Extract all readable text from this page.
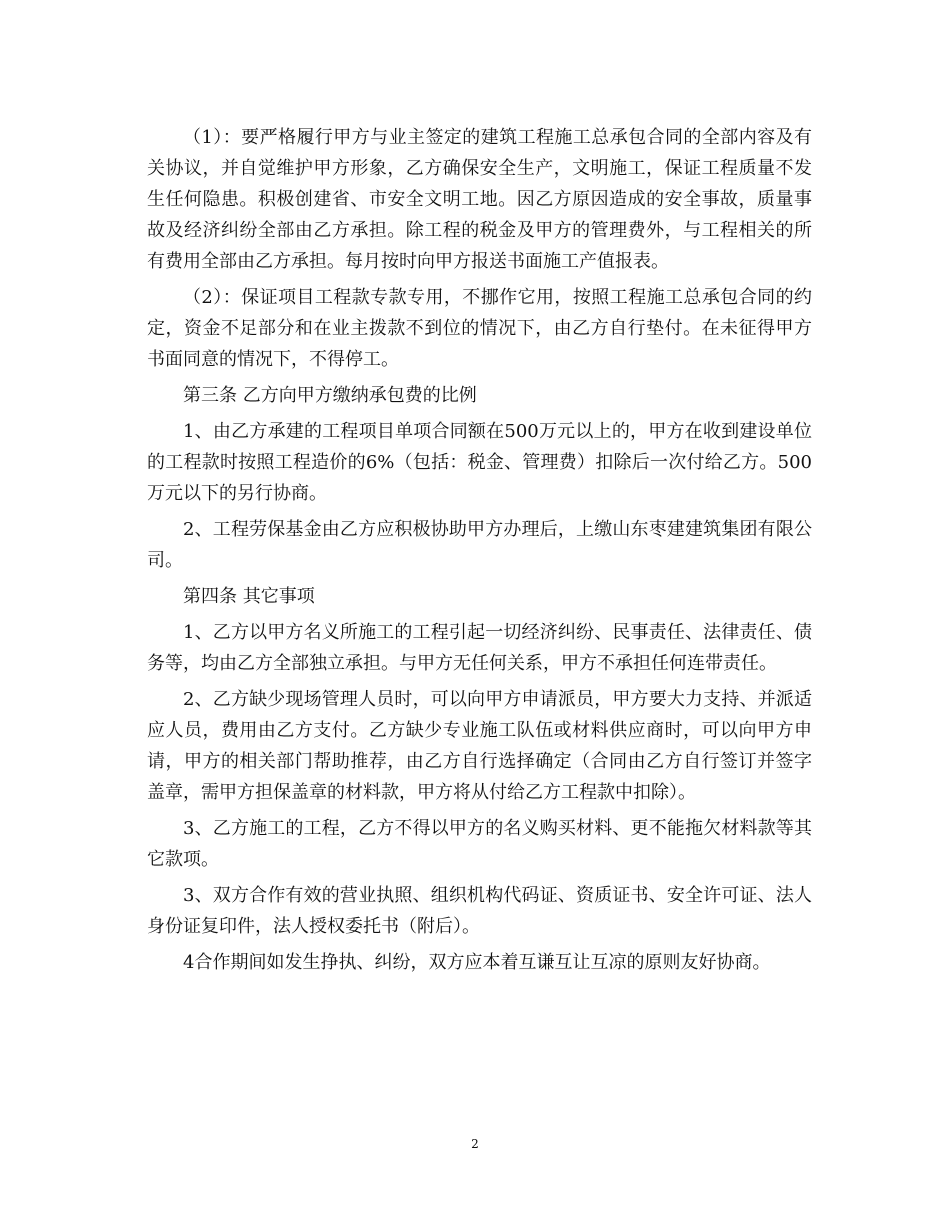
（1）：要严格履行甲方与业主签定的建筑工程施工总承包合同的全部内容及有关协议，并自觉维护甲方形象，乙方确保安全生产，文明施工，保证工程质量不发生任何隐患。积极创建省、市安全文明工地。因乙方原因造成的安全事故，质量事故及经济纠纷全部由乙方承担。除工程的税金及甲方的管理费外，与工程相关的所有费用全部由乙方承担。每月按时向甲方报送书面施工产值报表。

（2）：保证项目工程款专款专用，不挪作它用，按照工程施工总承包合同的约定，资金不足部分和在业主拨款不到位的情况下，由乙方自行垫付。在未征得甲方书面同意的情况下，不得停工。

第三条 乙方向甲方缴纳承包费的比例

1、由乙方承建的工程项目单项合同额在500万元以上的，甲方在收到建设单位的工程款时按照工程造价的6%（包括：税金、管理费）扣除后一次付给乙方。500万元以下的另行协商。

2、工程劳保基金由乙方应积极协助甲方办理后，上缴山东枣建建筑集团有限公司。

第四条 其它事项

1、乙方以甲方名义所施工的工程引起一切经济纠纷、民事责任、法律责任、债务等，均由乙方全部独立承担。与甲方无任何关系，甲方不承担任何连带责任。

2、乙方缺少现场管理人员时，可以向甲方申请派员，甲方要大力支持、并派适应人员，费用由乙方支付。乙方缺少专业施工队伍或材料供应商时，可以向甲方申请，甲方的相关部门帮助推荐，由乙方自行选择确定（合同由乙方自行签订并签字盖章，需甲方担保盖章的材料款，甲方将从付给乙方工程款中扣除）。

3、乙方施工的工程，乙方不得以甲方的名义购买材料、更不能拖欠材料款等其它款项。

3、双方合作有效的营业执照、组织机构代码证、资质证书、安全许可证、法人身份证复印件，法人授权委托书（附后）。

4合作期间如发生挣执、纠纷，双方应本着互谦互让互凉的原则友好协商。

2
